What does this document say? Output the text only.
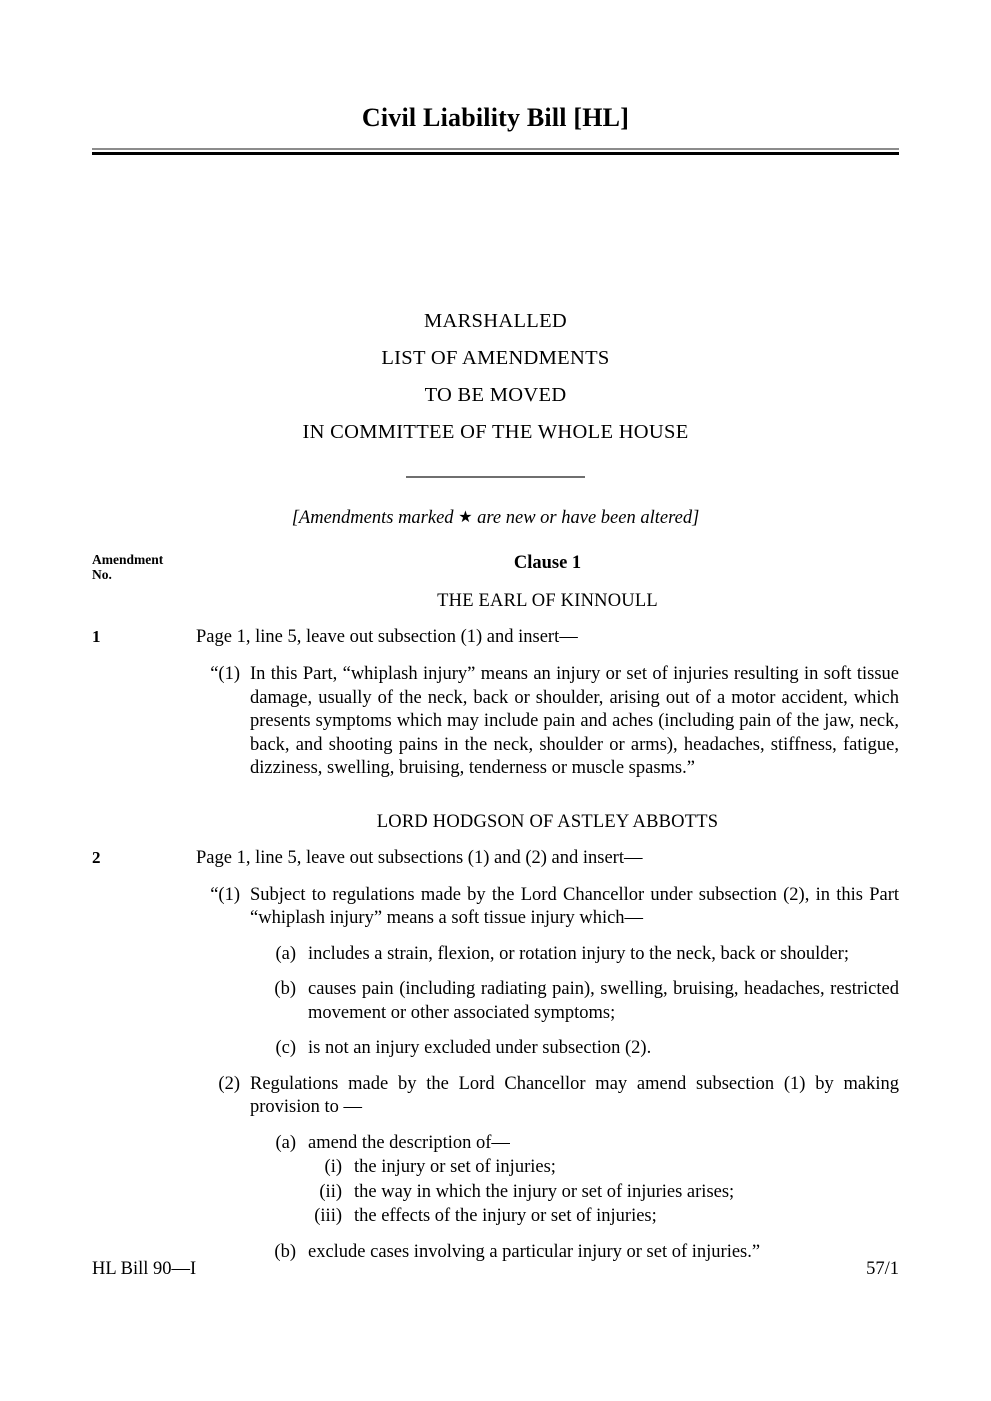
Civil Liability Bill [HL]
MARSHALLED
LIST OF AMENDMENTS
TO BE MOVED
IN COMMITTEE OF THE WHOLE HOUSE
[Amendments marked ★ are new or have been altered]
Amendment
No.
Clause 1
THE EARL OF KINNOULL
1	Page 1, line 5, leave out subsection (1) and insert—
“(1) In this Part, “whiplash injury” means an injury or set of injuries resulting in soft tissue damage, usually of the neck, back or shoulder, arising out of a motor accident, which presents symptoms which may include pain and aches (including pain of the jaw, neck, back, and shooting pains in the neck, shoulder or arms), headaches, stiffness, fatigue, dizziness, swelling, bruising, tenderness or muscle spasms.”
LORD HODGSON OF ASTLEY ABBOTTS
2	Page 1, line 5, leave out subsections (1) and (2) and insert—
“(1) Subject to regulations made by the Lord Chancellor under subsection (2), in this Part “whiplash injury” means a soft tissue injury which—
(a) includes a strain, flexion, or rotation injury to the neck, back or shoulder;
(b) causes pain (including radiating pain), swelling, bruising, headaches, restricted movement or other associated symptoms;
(c) is not an injury excluded under subsection (2).
(2) Regulations made by the Lord Chancellor may amend subsection (1) by making provision to —
(a) amend the description of—
(i) the injury or set of injuries;
(ii) the way in which the injury or set of injuries arises;
(iii) the effects of the injury or set of injuries;
(b) exclude cases involving a particular injury or set of injuries.”
HL Bill 90—I	57/1
